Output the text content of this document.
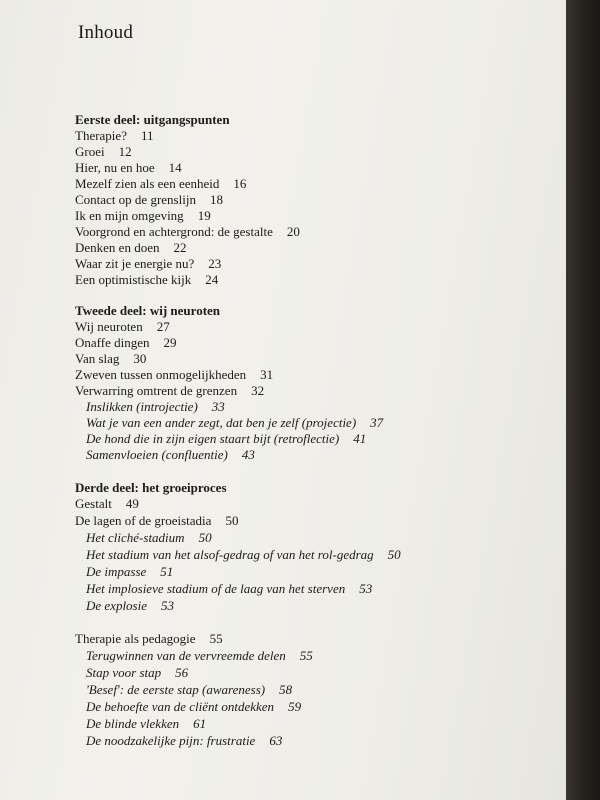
Inhoud
Eerste deel: uitgangspunten
Therapie? 11
Groei 12
Hier, nu en hoe 14
Mezelf zien als een eenheid 16
Contact op de grenslijn 18
Ik en mijn omgeving 19
Voorgrond en achtergrond: de gestalte 20
Denken en doen 22
Waar zit je energie nu? 23
Een optimistische kijk 24
Tweede deel: wij neuroten
Wij neuroten 27
Onaffe dingen 29
Van slag 30
Zweven tussen onmogelijkheden 31
Verwarring omtrent de grenzen 32
Inslikken (introjectie) 33
Wat je van een ander zegt, dat ben je zelf (projectie) 37
De hond die in zijn eigen staart bijt (retroflectie) 41
Samenvloeien (confluentie) 43
Derde deel: het groeiproces
Gestalt 49
De lagen of de groeistadia 50
Het cliché-stadium 50
Het stadium van het alsof-gedrag of van het rol-gedrag 50
De impasse 51
Het implosieve stadium of de laag van het sterven 53
De explosie 53
Therapie als pedagogie 55
Terugwinnen van de vervreemde delen 55
Stap voor stap 56
'Besef': de eerste stap (awareness) 58
De behoefte van de cliënt ontdekken 59
De blinde vlekken 61
De noodzakelijke pijn: frustratie 63
